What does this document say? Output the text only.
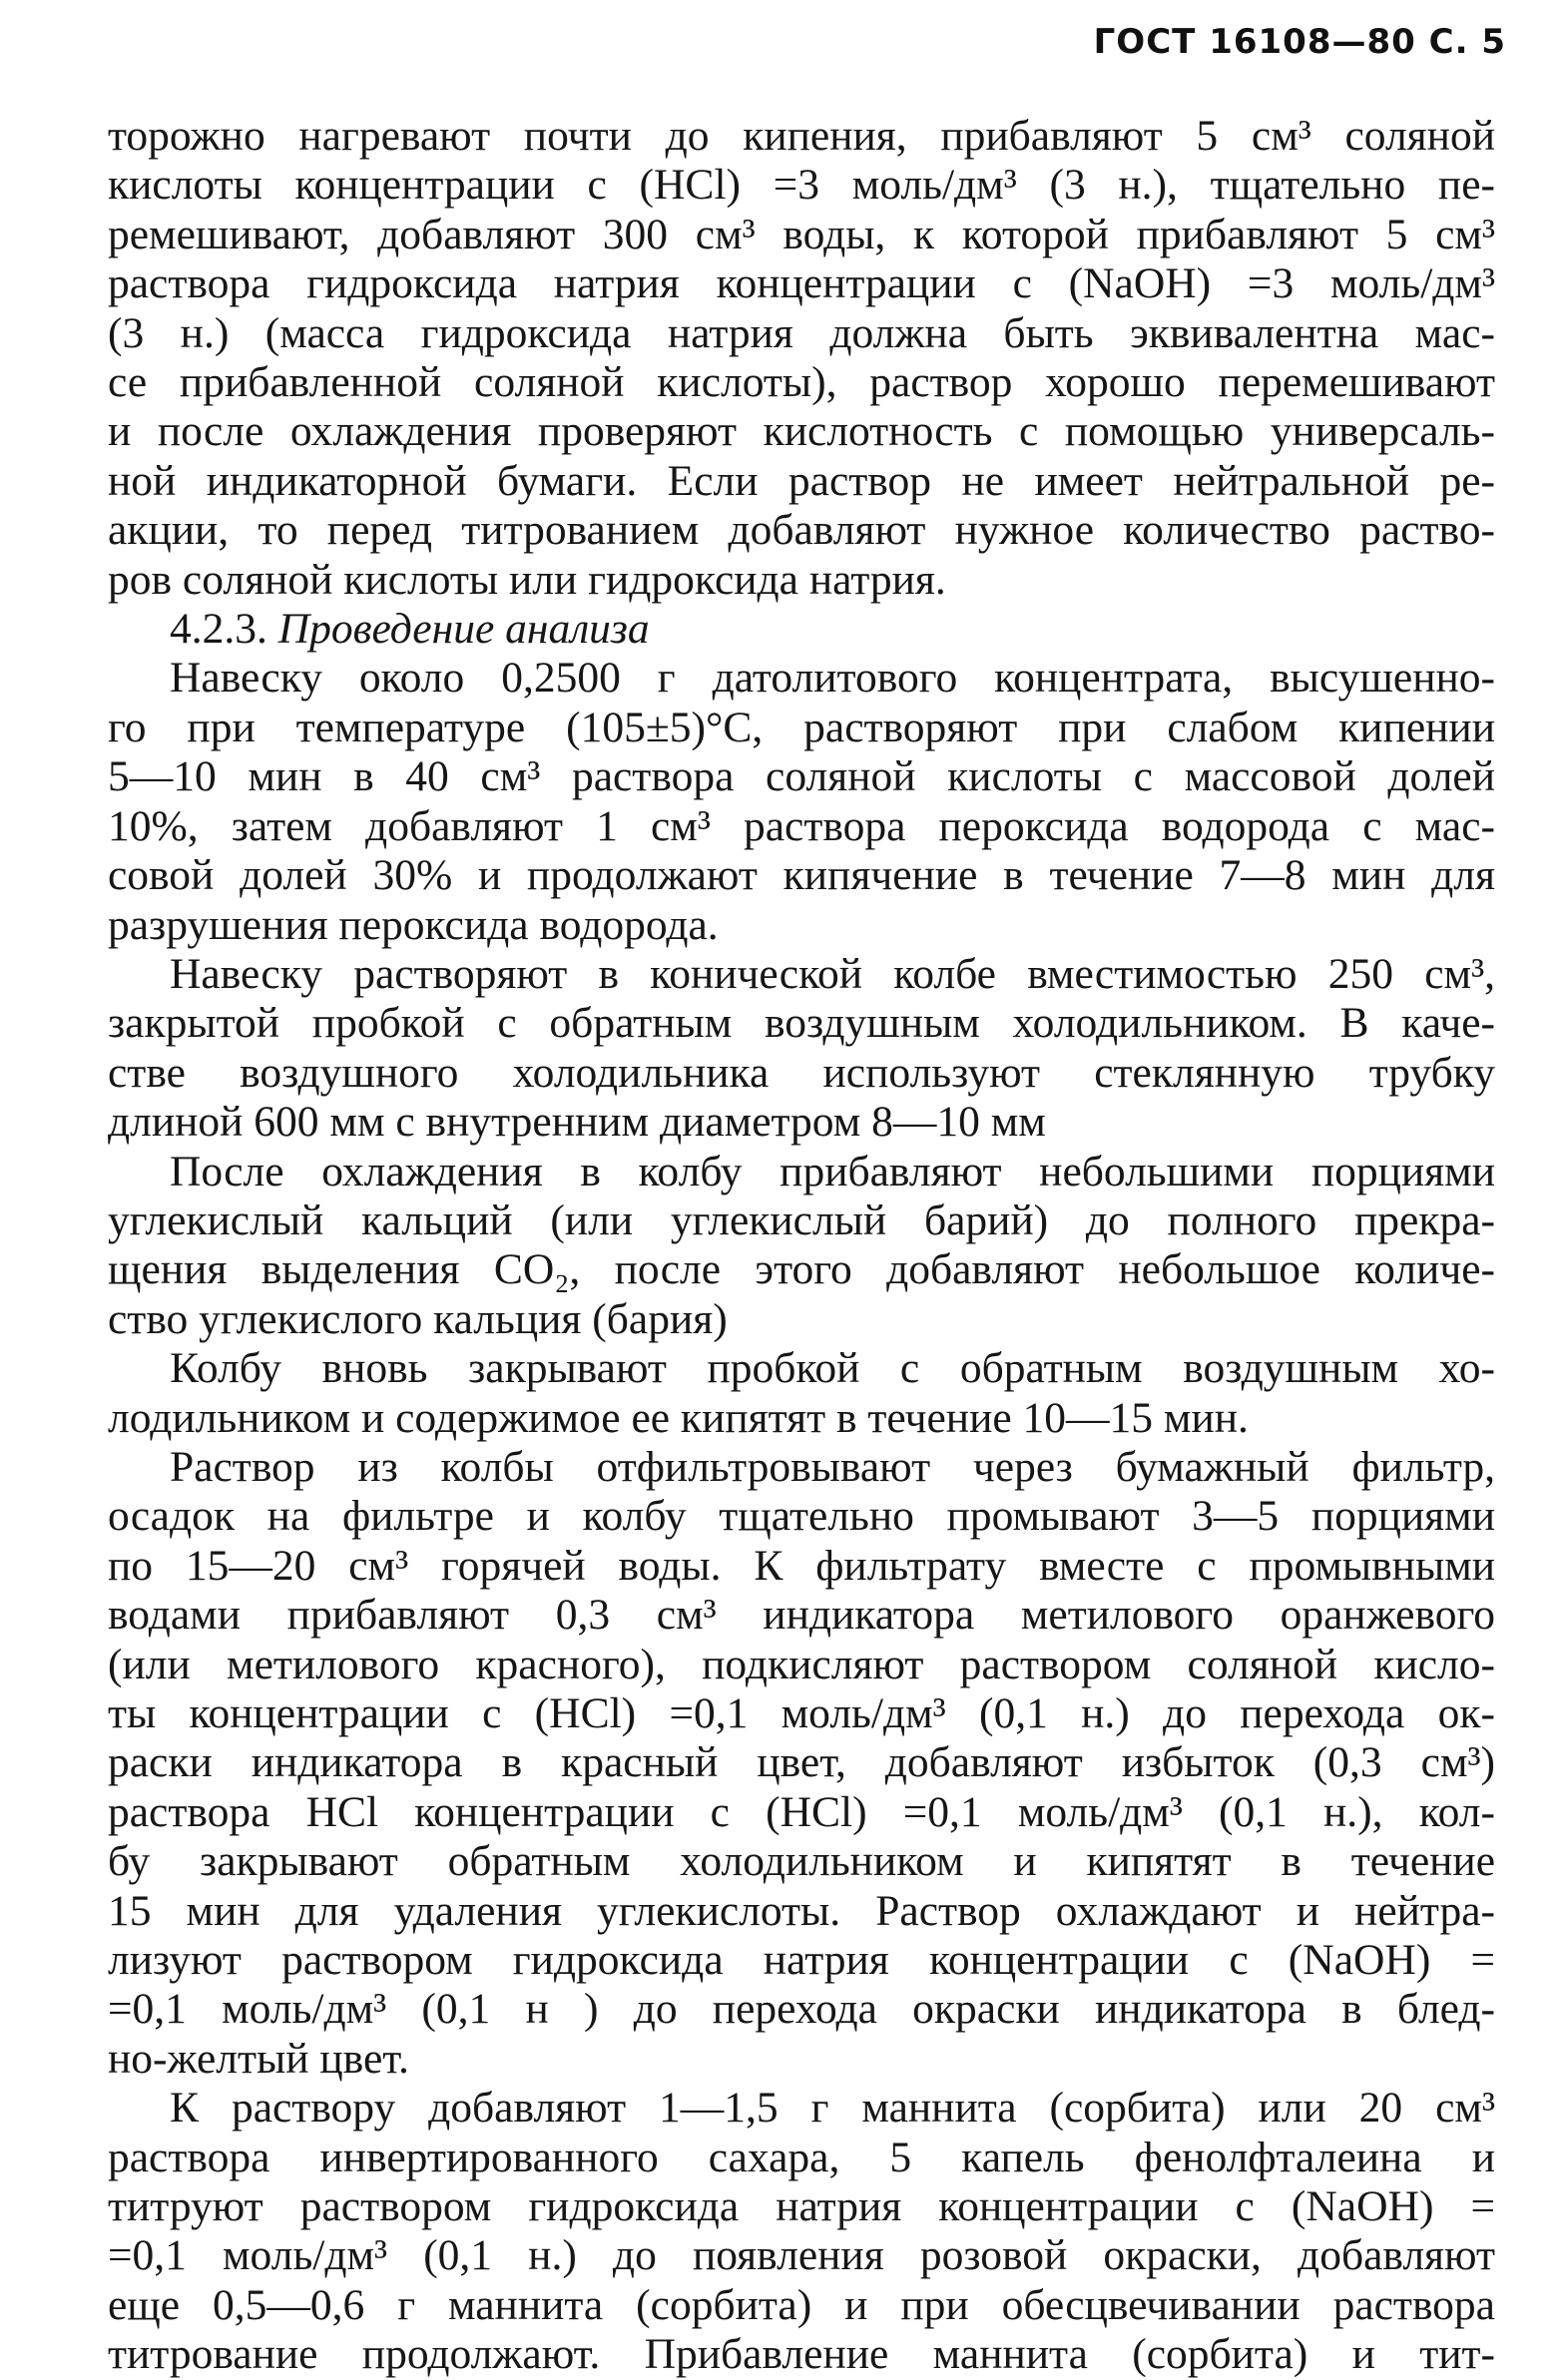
ГОСТ 16108—80 С. 5

торожно нагревают почти до кипения, прибавляют 5 см³ соляной
кислоты концентрации c (HCl) =3 моль/дм³ (3 н.), тщательно пе-
ремешивают, добавляют 300 см³ воды, к которой прибавляют 5 см³
раствора гидроксида натрия концентрации c (NaOH) =3 моль/дм³
(3 н.) (масса гидроксида натрия должна быть эквивалентна мас-
се прибавленной соляной кислоты), раствор хорошо перемешивают
и после охлаждения проверяют кислотность с помощью универсаль-
ной индикаторной бумаги. Если раствор не имеет нейтральной ре-
акции, то перед титрованием добавляют нужное количество раство-
ров соляной кислоты или гидроксида натрия.

4.2.3. Проведение анализа

Навеску около 0,2500 г датолитового концентрата, высушенно-
го при температуре (105±5)°С, растворяют при слабом кипении
5—10 мин в 40 см³ раствора соляной кислоты с массовой долей
10%, затем добавляют 1 см³ раствора пероксида водорода с мас-
совой долей 30% и продолжают кипячение в течение 7—8 мин для
разрушения пероксида водорода.

Навеску растворяют в конической колбе вместимостью 250 см³,
закрытой пробкой с обратным воздушным холодильником. В каче-
стве воздушного холодильника используют стеклянную трубку
длиной 600 мм с внутренним диаметром 8—10 мм

После охлаждения в колбу прибавляют небольшими порциями
углекислый кальций (или углекислый барий) до полного прекра-
щения выделения CO₂, после этого добавляют небольшое количе-
ство углекислого кальция (бария)

Колбу вновь закрывают пробкой с обратным воздушным хо-
лодильником и содержимое ее кипятят в течение 10—15 мин.

Раствор из колбы отфильтровывают через бумажный фильтр,
осадок на фильтре и колбу тщательно промывают 3—5 порциями
по 15—20 см³ горячей воды. К фильтрату вместе с промывными
водами прибавляют 0,3 см³ индикатора метилового оранжевого
(или метилового красного), подкисляют раствором соляной кисло-
ты концентрации c (HCl) =0,1 моль/дм³ (0,1 н.) до перехода ок-
раски индикатора в красный цвет, добавляют избыток (0,3 см³)
раствора HCl концентрации c (HCl) =0,1 моль/дм³ (0,1 н.), кол-
бу закрывают обратным холодильником и кипятят в течение
15 мин для удаления углекислоты. Раствор охлаждают и нейтра-
лизуют раствором гидроксида натрия концентрации c (NaOH) =
=0,1 моль/дм³ (0,1 н ) до перехода окраски индикатора в блед-
но-желтый цвет.

К раствору добавляют 1—1,5 г маннита (сорбита) или 20 см³
раствора инвертированного сахара, 5 капель фенолфталеина и
титруют раствором гидроксида натрия концентрации c (NaOH) =
=0,1 моль/дм³ (0,1 н.) до появления розовой окраски, добавляют
еще 0,5—0,6 г маннита (сорбита) и при обесцвечивании раствора
титрование продолжают. Прибавление маннита (сорбита) и тит-
